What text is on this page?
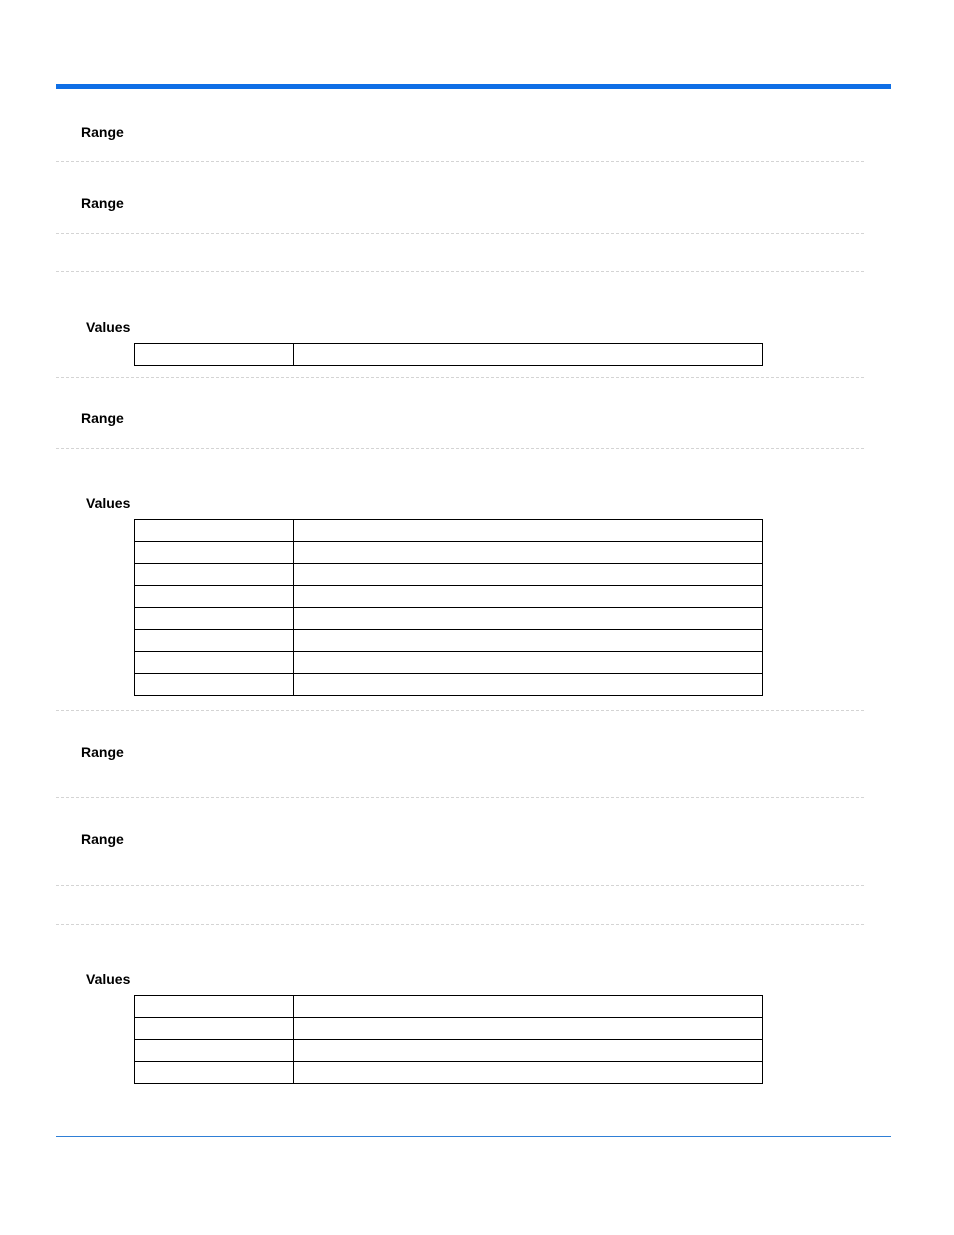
Range
Range
Values

Range
Values

Range
Range
Values
